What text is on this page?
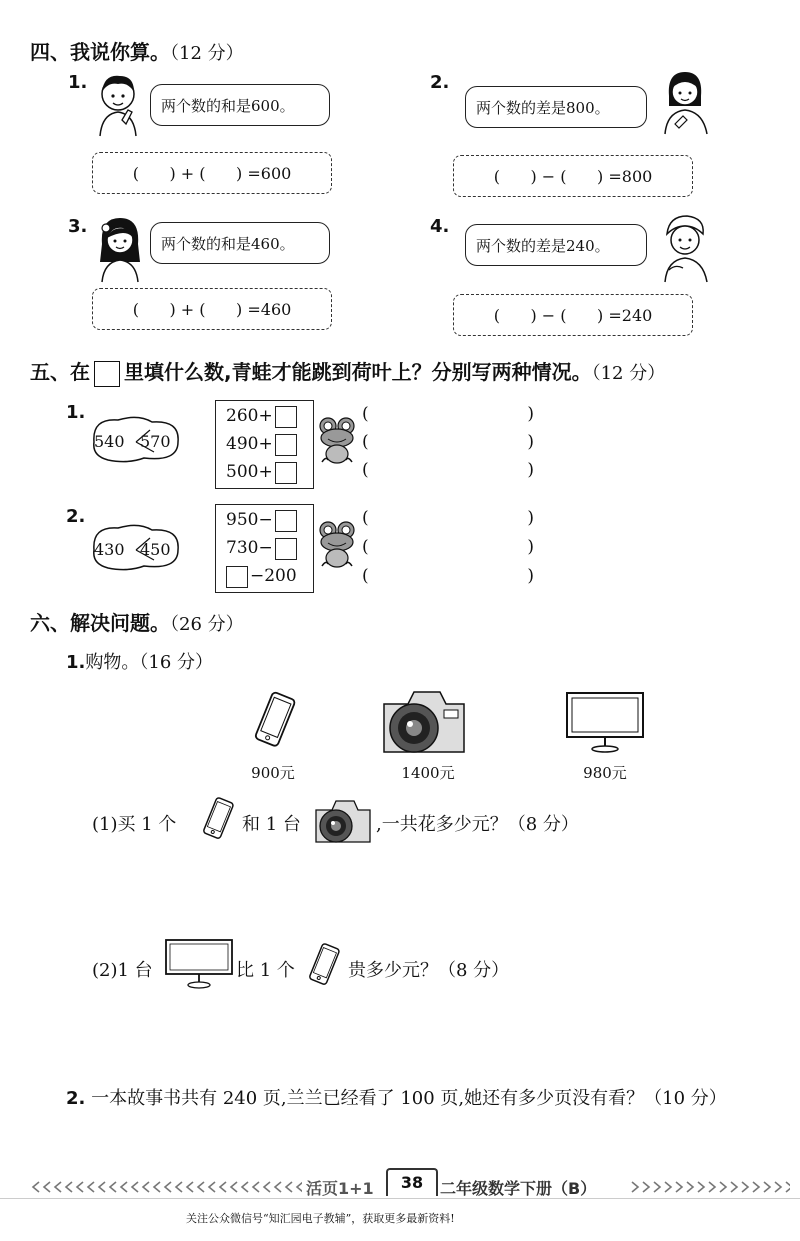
四、我说你算。（12 分）
1.
两个数的和是600。
(      ) + (      ) =600
2.
两个数的差是800。
(      ) − (      ) =800
3.
两个数的和是460。
(      ) + (      ) =460
4.
两个数的差是240。
(      ) − (      ) =240
五、在 里填什么数,青蛙才能跳到荷叶上？分别写两种情况。（12 分）
1.
540 570
260+
490+
500+
(	)
(	)
(	)
2.
430 450
950−
730−
−200
(	)
(	)
(	)
六、解决问题。（26 分）
1.购物。（16 分）
900元	1400元	980元
(1)买 1 个	和 1 台	,一共花多少元？（8 分）
(2)1 台	比 1 个	贵多少元？（8 分）
2. 一本故事书共有 240 页,兰兰已经看了 100 页,她还有多少页没有看？（10 分）
活页1+1	38	二年级数学下册（B）
关注公众微信号“知汇园电子教辅”，获取更多最新资料!
